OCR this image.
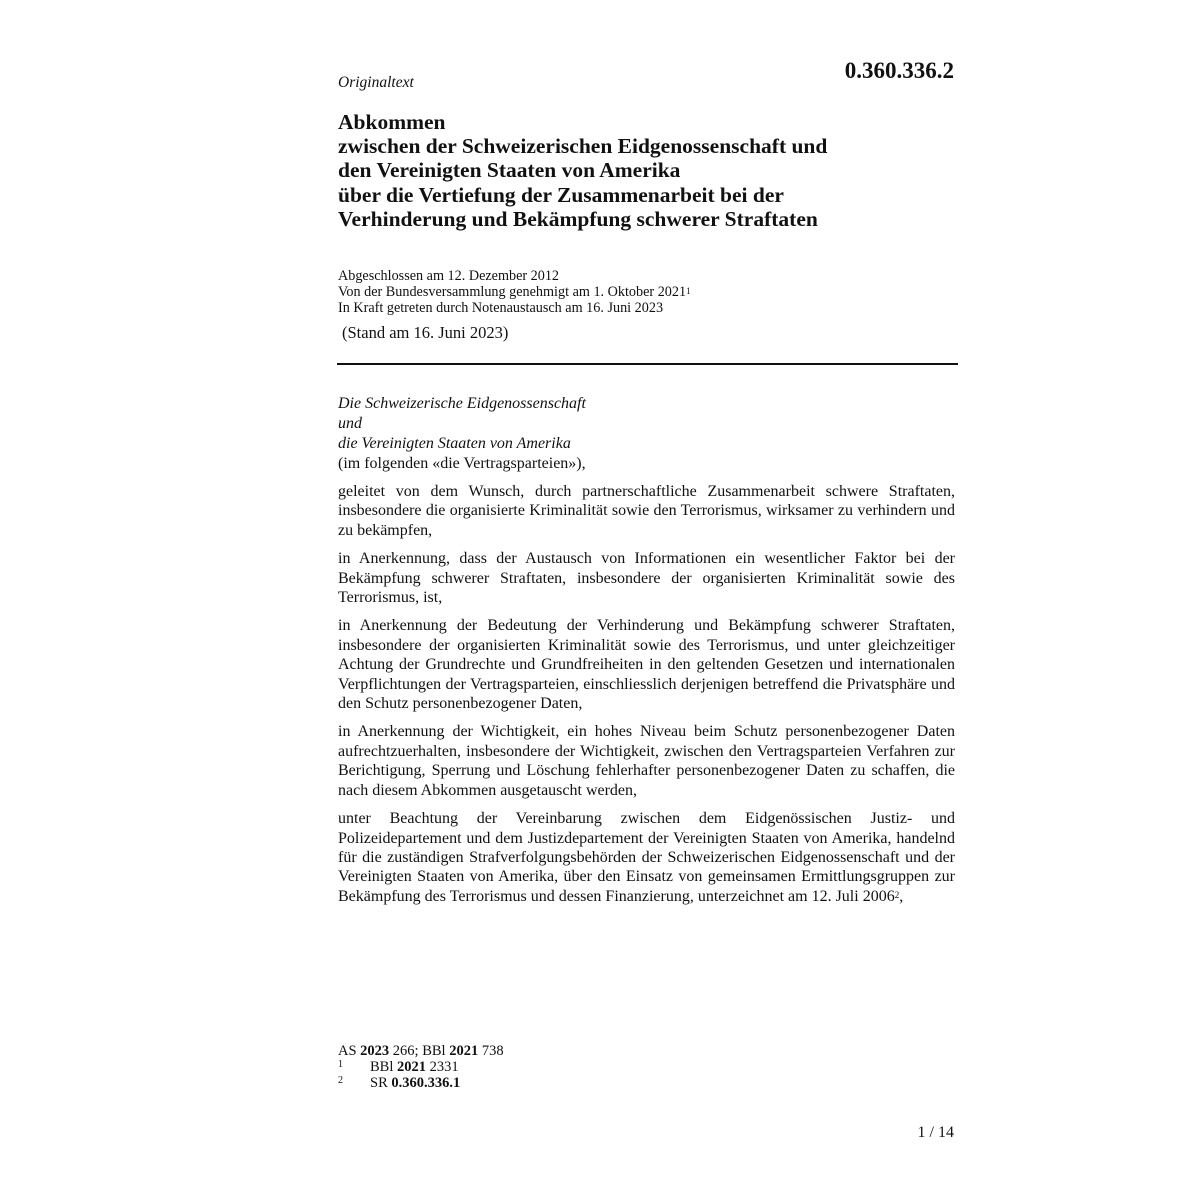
Originaltext	0.360.336.2
Abkommen
zwischen der Schweizerischen Eidgenossenschaft und
den Vereinigten Staaten von Amerika
über die Vertiefung der Zusammenarbeit bei der
Verhinderung und Bekämpfung schwerer Straftaten
Abgeschlossen am 12. Dezember 2012
Von der Bundesversammlung genehmigt am 1. Oktober 2021$^1$
In Kraft getreten durch Notenaustausch am 16. Juni 2023
(Stand am 16. Juni 2023)
Die Schweizerische Eidgenossenschaft
und
die Vereinigten Staaten von Amerika
(im folgenden «die Vertragsparteien»),
geleitet von dem Wunsch, durch partnerschaftliche Zusammenarbeit schwere Straftaten, insbesondere die organisierte Kriminalität sowie den Terrorismus, wirksamer zu verhindern und zu bekämpfen,
in Anerkennung, dass der Austausch von Informationen ein wesentlicher Faktor bei der Bekämpfung schwerer Straftaten, insbesondere der organisierten Kriminalität sowie des Terrorismus, ist,
in Anerkennung der Bedeutung der Verhinderung und Bekämpfung schwerer Straftaten, insbesondere der organisierten Kriminalität sowie des Terrorismus, und unter gleichzeitiger Achtung der Grundrechte und Grundfreiheiten in den geltenden Gesetzen und internationalen Verpflichtungen der Vertragsparteien, einschliesslich derjenigen betreffend die Privatsphäre und den Schutz personenbezogener Daten,
in Anerkennung der Wichtigkeit, ein hohes Niveau beim Schutz personenbezogener Daten aufrechtzuerhalten, insbesondere der Wichtigkeit, zwischen den Vertragsparteien Verfahren zur Berichtigung, Sperrung und Löschung fehlerhafter personenbezogener Daten zu schaffen, die nach diesem Abkommen ausgetauscht werden,
unter Beachtung der Vereinbarung zwischen dem Eidgenössischen Justiz- und Polizeidepartement und dem Justizdepartement der Vereinigten Staaten von Amerika, handelnd für die zuständigen Strafverfolgungsbehörden der Schweizerischen Eidgenossenschaft und der Vereinigten Staaten von Amerika, über den Einsatz von gemeinsamen Ermittlungsgruppen zur Bekämpfung des Terrorismus und dessen Finanzierung, unterzeichnet am 12. Juli 2006$^2$,
AS 2023 266; BBl 2021 738
1	BBl 2021 2331
2	SR 0.360.336.1
1 / 14
